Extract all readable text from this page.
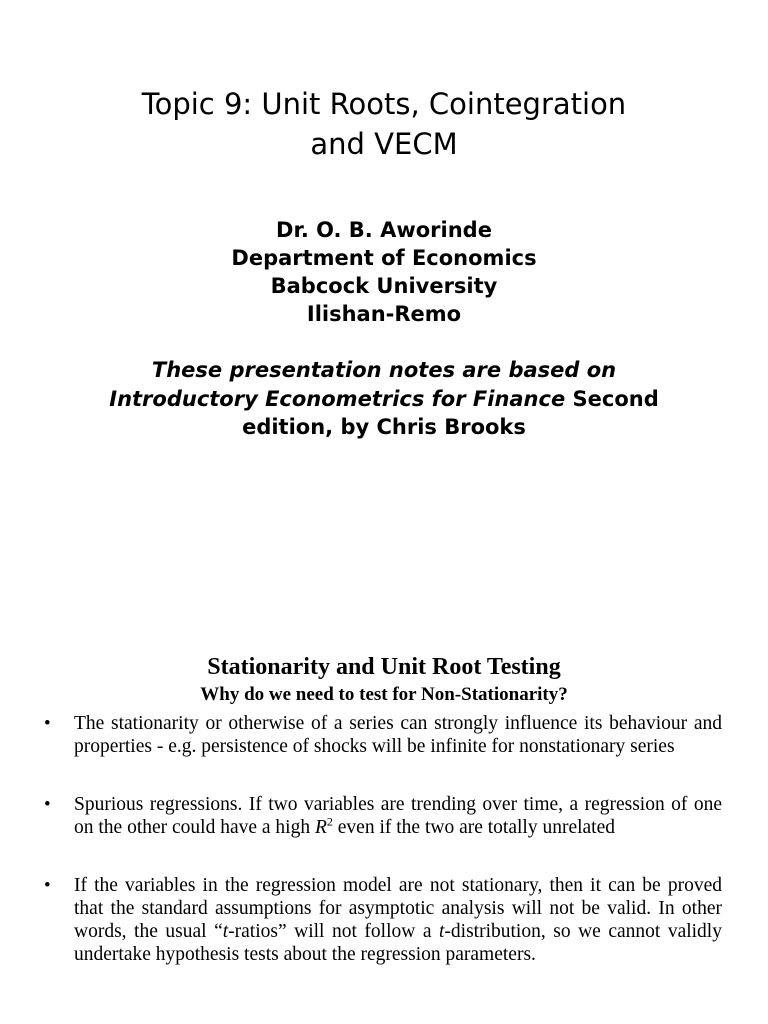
Topic 9: Unit Roots, Cointegration
and VECM
Dr. O. B. Aworinde
Department of Economics
Babcock University
Ilishan-Remo
These presentation notes are based on
Introductory Econometrics for Finance Second
edition, by Chris Brooks
Stationarity and Unit Root Testing
Why do we need to test for Non-Stationarity?
• The stationarity or otherwise of a series can strongly influence its behaviour and properties - e.g. persistence of shocks will be infinite for nonstationary series
• Spurious regressions. If two variables are trending over time, a regression of one on the other could have a high $R^2$ even if the two are totally unrelated
• If the variables in the regression model are not stationary, then it can be proved that the standard assumptions for asymptotic analysis will not be valid. In other words, the usual “t-ratios” will not follow a t-distribution, so we cannot validly undertake hypothesis tests about the regression parameters.
